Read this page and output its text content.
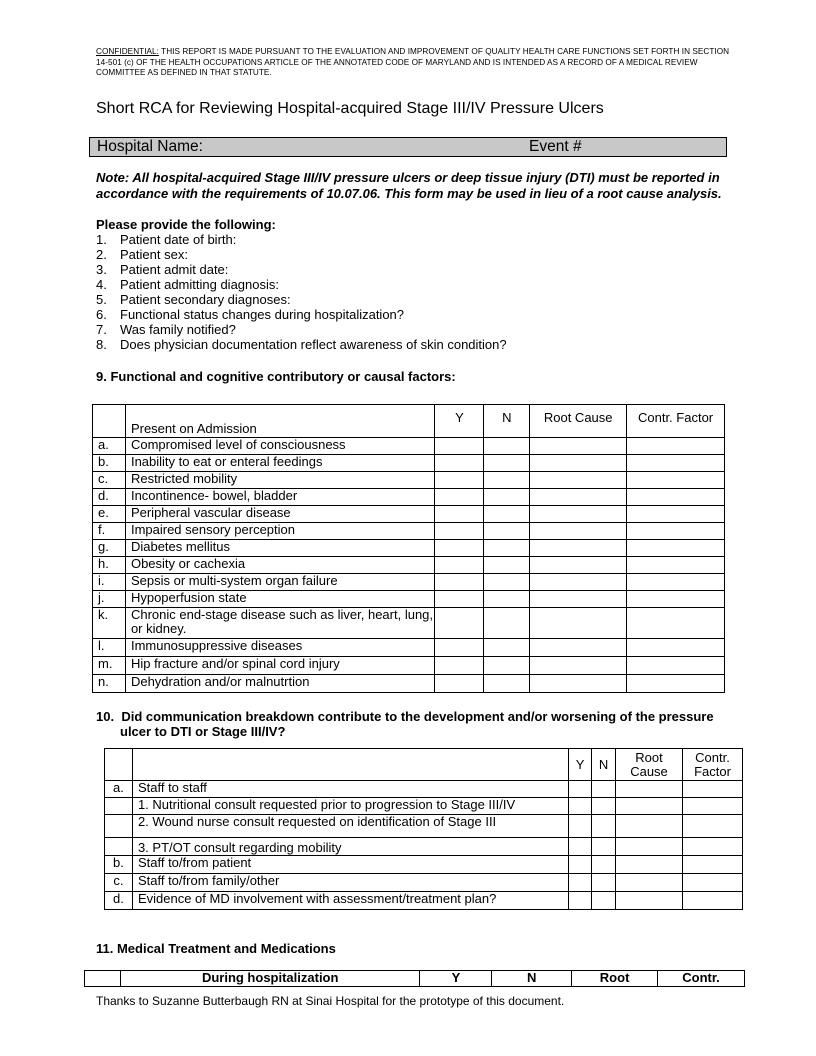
CONFIDENTIAL: THIS REPORT IS MADE PURSUANT TO THE EVALUATION AND IMPROVEMENT OF QUALITY HEALTH CARE FUNCTIONS SET FORTH IN SECTION 14-501 (c) OF THE HEALTH OCCUPATIONS ARTICLE OF THE ANNOTATED CODE OF MARYLAND AND IS INTENDED AS A RECORD OF A MEDICAL REVIEW COMMITTEE AS DEFINED IN THAT STATUTE.
Short RCA for Reviewing Hospital-acquired Stage III/IV Pressure Ulcers
Hospital Name:	Event #
Note: All hospital-acquired Stage III/IV pressure ulcers or deep tissue injury (DTI) must be reported in accordance with the requirements of 10.07.06. This form may be used in lieu of a root cause analysis.
Please provide the following:
1. Patient date of birth:
2. Patient sex:
3. Patient admit date:
4. Patient admitting diagnosis:
5. Patient secondary diagnoses:
6. Functional status changes during hospitalization?
7. Was family notified?
8. Does physician documentation reflect awareness of skin condition?
9. Functional and cognitive contributory or causal factors:
	Present on Admission	Y	N	Root Cause	Contr. Factor
a.	Compromised level of consciousness				
b.	Inability to eat or enteral feedings				
c.	Restricted mobility				
d.	Incontinence- bowel, bladder				
e.	Peripheral vascular disease				
f.	Impaired sensory perception				
g.	Diabetes mellitus				
h.	Obesity or cachexia				
i.	Sepsis or multi-system organ failure				
j.	Hypoperfusion state				
k.	Chronic end-stage disease such as liver, heart, lung, or kidney.				
l.	Immunosuppressive diseases				
m.	Hip fracture and/or spinal cord injury				
n.	Dehydration and/or malnutrtion				
10. Did communication breakdown contribute to the development and/or worsening of the pressure
ulcer to DTI or Stage III/IV?
		Y	N	Root Cause	Contr. Factor
a.	Staff to staff				
	1. Nutritional consult requested prior to progression to Stage III/IV				
	2. Wound nurse consult requested on identification of Stage III				
	3. PT/OT consult regarding mobility				
b.	Staff to/from patient				
c.	Staff to/from family/other				
d.	Evidence of MD involvement with assessment/treatment plan?				
11. Medical Treatment and Medications
	During hospitalization	Y	N	Root	Contr.
Thanks to Suzanne Butterbaugh RN at Sinai Hospital for the prototype of this document.
